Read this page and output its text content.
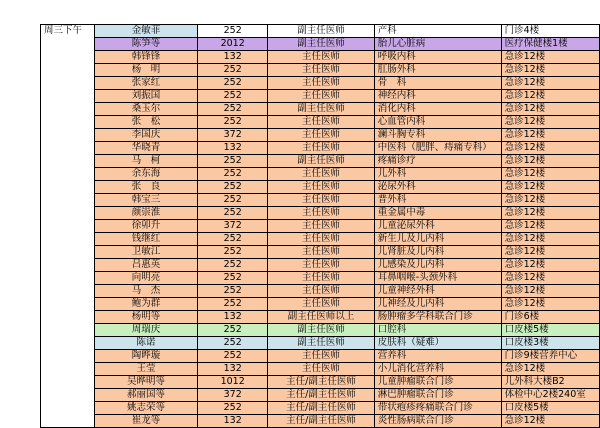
周三下午	金敏菲	252	副主任医师	产科	门诊4楼
	陈笋等	2012	副主任医师	胎儿心脏病	医疗保健楼1楼
	韩锋锋	132	主任医师	呼吸内科	急诊12楼
	杨　明	252	主任医师	肛肠外科	急诊12楼
	张家红	252	主任医师	骨　科	急诊12楼
	刘振国	252	主任医师	神经内科	急诊12楼
	桑玉尔	252	副主任医师	消化内科	急诊12楼
	张　松	252	主任医师	心血管内科	急诊12楼
	李国庆	372	主任医师	澜斗胸专科	急诊12楼
	华晓青	132	主任医师	中医科（肥胖、痔痛专科）	急诊12楼
	马　柯	252	副主任医师	疼痛诊疗	急诊12楼
	余东海	252	主任医师	儿外科	急诊12楼
	张　良	252	主任医师	泌尿外科	急诊12楼
	韩宝三	252	主任医师	普外科	急诊12楼
	颜崇淮	252	主任医师	重金属中毒	急诊12楼
	徐卯升	372	主任医师	儿童泌尿外科	急诊12楼
	钱继红	252	主任医师	新生儿及儿内科	急诊12楼
	卫敏江	252	主任医师	儿肾脏及儿内科	急诊12楼
	吕惠英	252	主任医师	儿感染及儿内科	急诊12楼
	向明亮	252	主任医师	耳鼻咽喉-头颈外科	急诊12楼
	马　杰	252	主任医师	儿童神经外科	急诊12楼
	鲍为群	252	主任医师	儿神经及儿内科	急诊12楼
	杨明等	132	副主任医师以上	肠肿瘤多学科联合门诊	门诊6楼
	周瑞庆	252	副主任医师	口腔科	口皮楼5楼
	陈诺	252	副主任医师	皮肤科（疑难）	口皮楼3楼
	陶晔璇	252	主任医师	营养科	门诊9楼营养中心
	王莹	132	主任医师	小儿消化营养科	急诊12楼
	吴晔明等	1012	主任/副主任医师	儿童肿瘤联合门诊	儿外科大楼B2
	郝丽国等	372	主任/副主任医师	淋巴肿瘤联合门诊	体检中心2楼240室
	姚志荣等	252	主任/副主任医师	带状疱疹疼痛联合门诊	口皮楼5楼
	崔龙等	132	主任/副主任医师	炎性肠病联合门诊	急诊12楼
